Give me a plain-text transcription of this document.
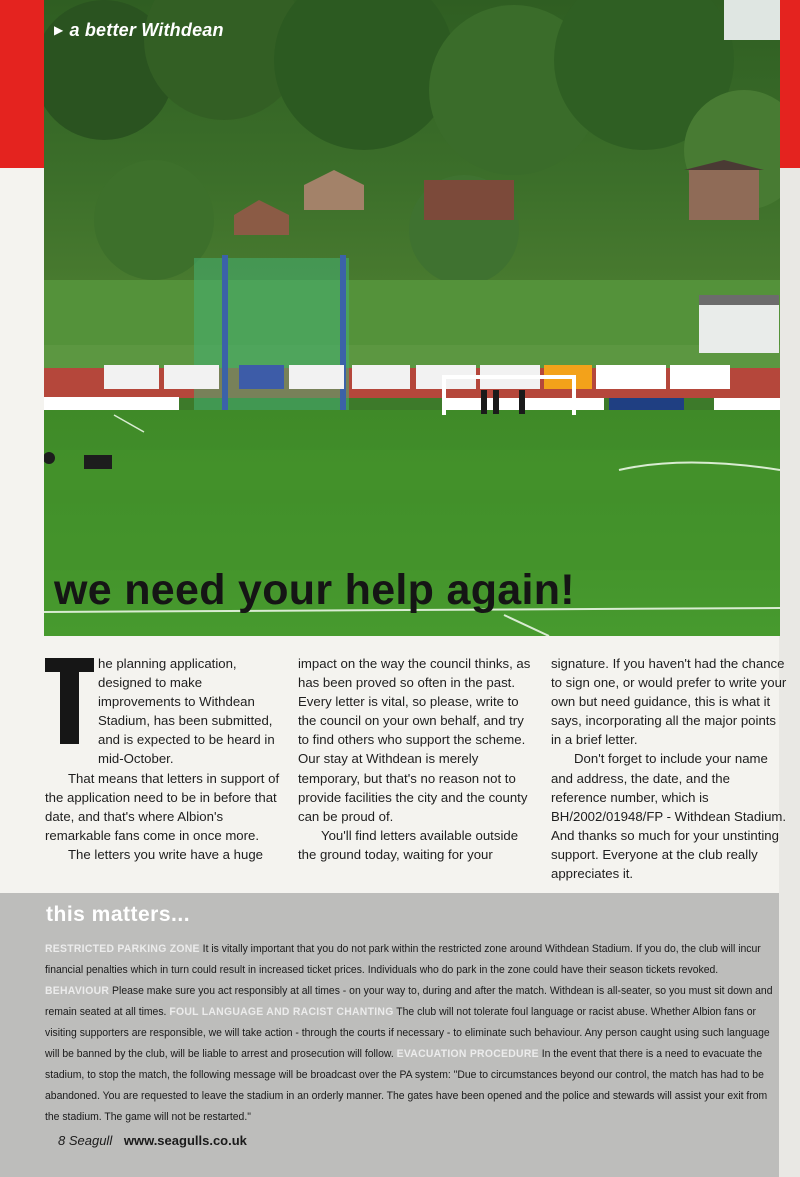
▶ a better Withdean
we need your help again!

he planning application, designed to make improvements to Withdean Stadium, has been submitted, and is expected to be heard in mid-October.

That means that letters in support of the application need to be in before that date, and that's where Albion's remarkable fans come in once more.

The letters you write have a huge

impact on the way the council thinks, as has been proved so often in the past. Every letter is vital, so please, write to the council on your own behalf, and try to find others who support the scheme. Our stay at Withdean is merely temporary, but that's no reason not to provide facilities the city and the county can be proud of.

You'll find letters available outside the ground today, waiting for your

signature. If you haven't had the chance to sign one, or would prefer to write your own but need guidance, this is what it says, incorporating all the major points in a brief letter.

Don't forget to include your name and address, the date, and the reference number, which is BH/2002/01948/FP - Withdean Stadium. And thanks so much for your unstinting support. Everyone at the club really appreciates it.

this matters...
RESTRICTED PARKING ZONE It is vitally important that you do not park within the restricted zone around Withdean Stadium. If you do, the club will incur financial penalties which in turn could result in increased ticket prices. Individuals who do park in the zone could have their season tickets revoked. BEHAVIOUR Please make sure you act responsibly at all times - on your way to, during and after the match. Withdean is all-seater, so you must sit down and remain seated at all times. FOUL LANGUAGE AND RACIST CHANTING The club will not tolerate foul language or racist abuse. Whether Albion fans or visiting supporters are responsible, we will take action - through the courts if necessary - to eliminate such behaviour. Any person caught using such language will be banned by the club, will be liable to arrest and prosecution will follow. EVACUATION PROCEDURE In the event that there is a need to evacuate the stadium, to stop the match, the following message will be broadcast over the PA system: "Due to circumstances beyond our control, the match has had to be abandoned. You are requested to leave the stadium in an orderly manner. The gates have been opened and the police and stewards will assist your exit from the stadium. The game will not be restarted."
8 Seagull www.seagulls.co.uk
